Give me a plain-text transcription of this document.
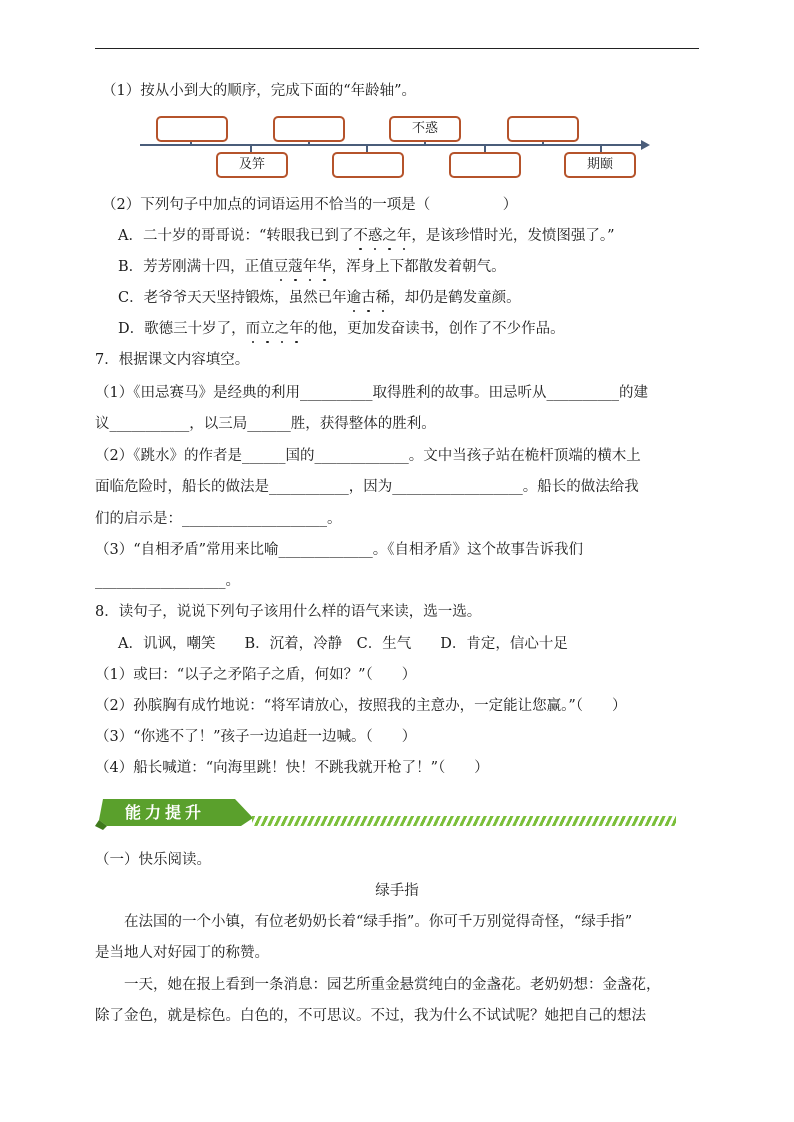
（1）按从小到大的顺序，完成下面的“年龄轴”。
不惑
及笄	期颐
（2）下列句子中加点的词语运用不恰当的一项是（　　　　　）
A．二十岁的哥哥说：“转眼我已到了不惑之年，是该珍惜时光，发愤图强了。”
B．芳芳刚满十四，正值豆蔻年华，浑身上下都散发着朝气。
C．老爷爷天天坚持锻炼，虽然已年逾古稀，却仍是鹤发童颜。
D．歌德三十岁了，而立之年的他，更加发奋读书，创作了不少作品。
7．根据课文内容填空。
（1）《田忌赛马》是经典的利用__________取得胜利的故事。田忌听从__________的建
议___________，以三局______胜，获得整体的胜利。
（2）《跳水》的作者是______国的_____________。文中当孩子站在桅杆顶端的横木上
面临危险时，船长的做法是___________，因为__________________。船长的做法给我
们的启示是：____________________。
（3）“自相矛盾”常用来比喻_____________。《自相矛盾》这个故事告诉我们
__________________。
8．读句子，说说下列句子该用什么样的语气来读，选一选。
A．讥讽，嘲笑　　B．沉着，冷静　C．生气　　D．肯定，信心十足
（1）或曰：“以子之矛陷子之盾，何如？”（　　）
（2）孙膑胸有成竹地说：“将军请放心，按照我的主意办，一定能让您赢。”（　　）
（3）“你逃不了！”孩子一边追赶一边喊。（　　）
（4）船长喊道：“向海里跳！快！不跳我就开枪了！”（　　）
能力提升
（一）快乐阅读。
绿手指
在法国的一个小镇，有位老奶奶长着“绿手指”。你可千万别觉得奇怪，“绿手指”
是当地人对好园丁的称赞。
一天，她在报上看到一条消息：园艺所重金悬赏纯白的金盏花。老奶奶想：金盏花，
除了金色，就是棕色。白色的，不可思议。不过，我为什么不试试呢？她把自己的想法
